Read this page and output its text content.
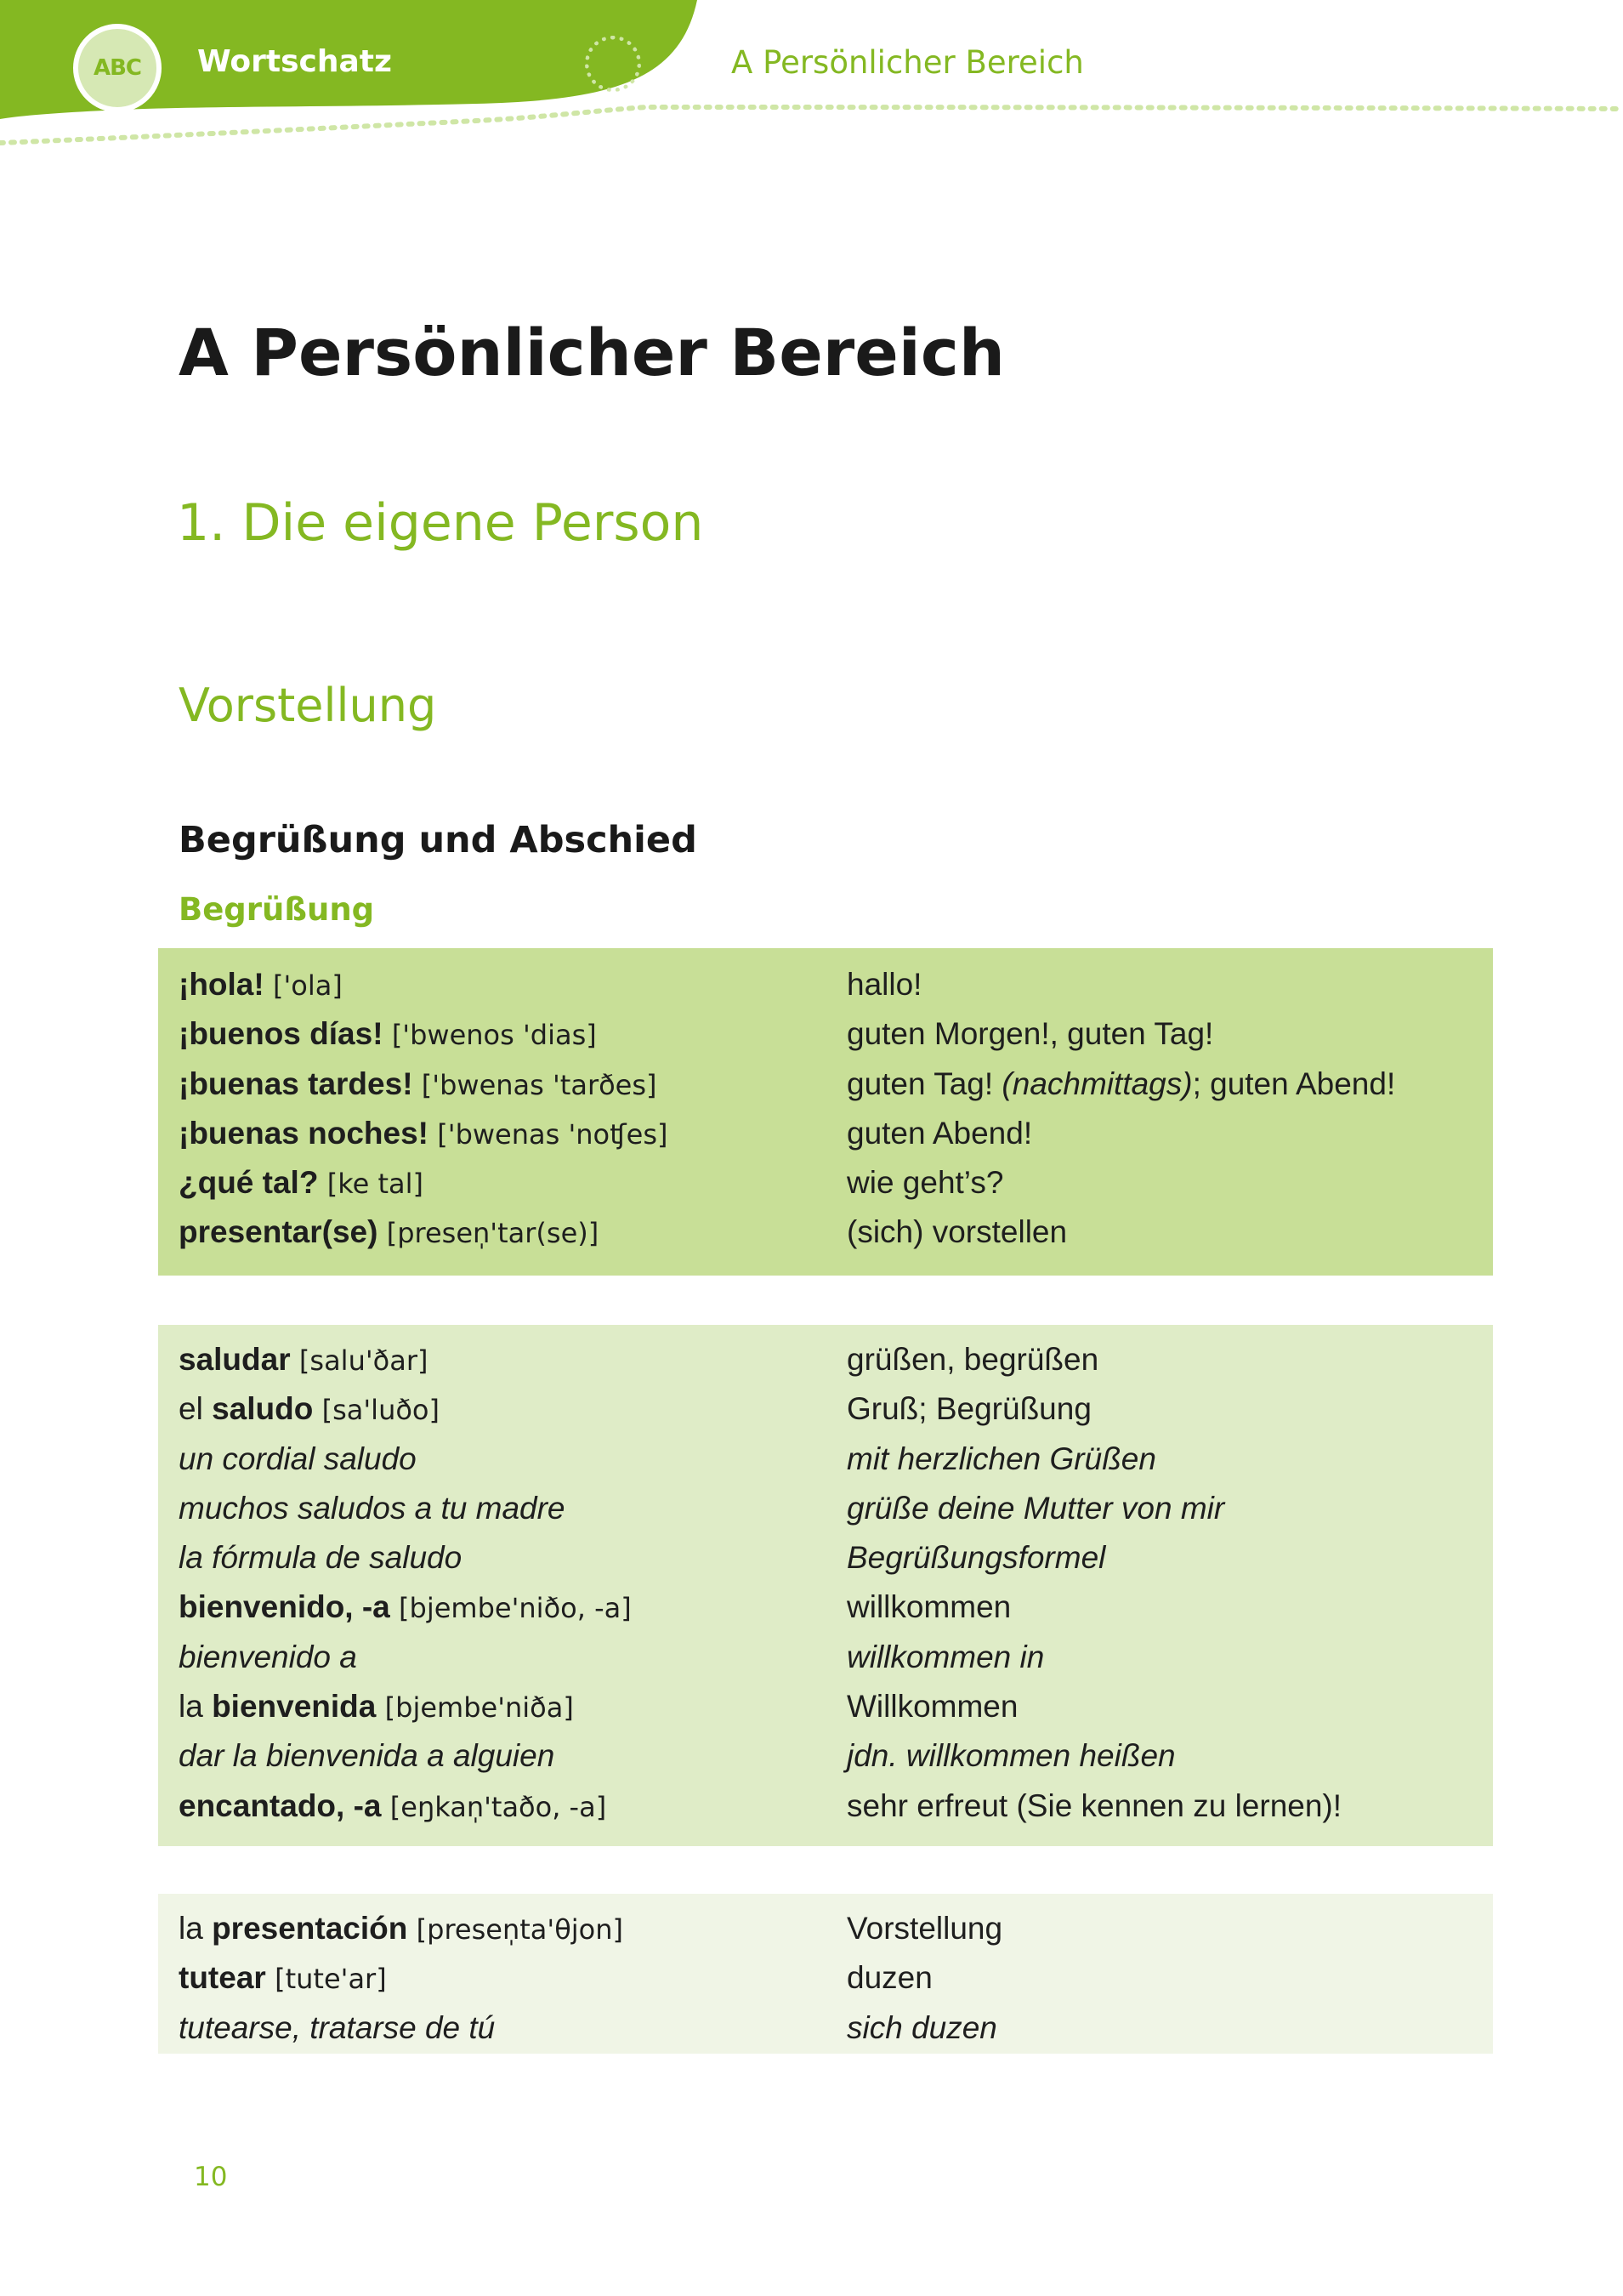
ABC	Wortschatz	A Persönlicher Bereich
A Persönlicher Bereich
1. Die eigene Person
Vorstellung
Begrüßung und Abschied
Begrüßung
¡hola! ['ola]	hallo!
¡buenos días! ['bwenos 'dias]	guten Morgen!, guten Tag!
¡buenas tardes! ['bwenas 'tarðes]	guten Tag! (nachmittags); guten Abend!
¡buenas noches! ['bwenas 'noʧes]	guten Abend!
¿qué tal? [ke tal]	wie geht’s?
presentar(se) [presen̩'tar(se)]	(sich) vorstellen
saludar [salu'ðar]	grüßen, begrüßen
el saludo [sa'luðo]	Gruß; Begrüßung
un cordial saludo	mit herzlichen Grüßen
muchos saludos a tu madre	grüße deine Mutter von mir
la fórmula de saludo	Begrüßungsformel
bienvenido, -a [bjembe'niðo, -a]	willkommen
bienvenido a	willkommen in
la bienvenida [bjembe'niða]	Willkommen
dar la bienvenida a alguien	jdn. willkommen heißen
encantado, -a [eŋkan̩'taðo, -a]	sehr erfreut (Sie kennen zu lernen)!
la presentación [presen̩ta'θjon]	Vorstellung
tutear [tute'ar]	duzen
tutearse, tratarse de tú	sich duzen
10
